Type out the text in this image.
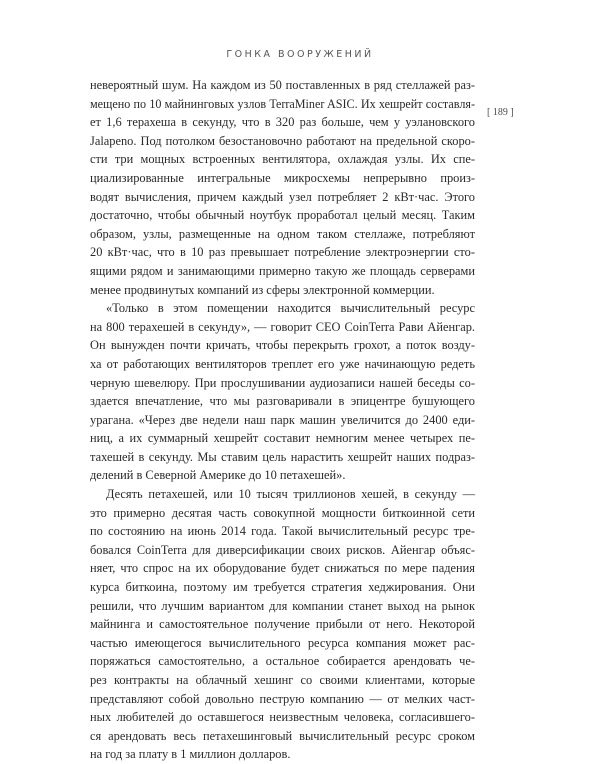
ГОНКА ВООРУЖЕНИЙ
[ 189 ]

невероятный шум. На каждом из 50 поставленных в ряд стеллажей раз-
мещено по 10 майнинговых узлов TerraMiner ASIC. Их хешрейт составля-
ет 1,6 терахеша в секунду, что в 320 раз больше, чем у уэлановского
Jalapeno. Под потолком безостановочно работают на предельной скоро-
сти три мощных встроенных вентилятора, охлаждая узлы. Их спе-
циализированные интегральные микросхемы непрерывно произ-
водят вычисления, причем каждый узел потребляет 2 кВт·час. Этого
достаточно, чтобы обычный ноутбук проработал целый месяц. Таким
образом, узлы, размещенные на одном таком стеллаже, потребляют
20 кВт·час, что в 10 раз превышает потребление электроэнергии сто-
ящими рядом и занимающими примерно такую же площадь серверами
менее продвинутых компаний из сферы электронной коммерции.

«Только в этом помещении находится вычислительный ресурс
на 800 терахешей в секунду», — говорит CEO CoinTerra Рави Айенгар.
Он вынужден почти кричать, чтобы перекрыть грохот, а поток возду-
ха от работающих вентиляторов треплет его уже начинающую редеть
черную шевелюру. При прослушивании аудиозаписи нашей беседы со-
здается впечатление, что мы разговаривали в эпицентре бушующего
урагана. «Через две недели наш парк машин увеличится до 2400 еди-
ниц, а их суммарный хешрейт составит немногим менее четырех пе-
тахешей в секунду. Мы ставим цель нарастить хешрейт наших подраз-
делений в Северной Америке до 10 петахешей».

Десять петахешей, или 10 тысяч триллионов хешей, в секунду —
это примерно десятая часть совокупной мощности биткоинной сети
по состоянию на июнь 2014 года. Такой вычислительный ресурс тре-
бовался CoinTerra для диверсификации своих рисков. Айенгар объяс-
няет, что спрос на их оборудование будет снижаться по мере падения
курса биткоина, поэтому им требуется стратегия хеджирования. Они
решили, что лучшим вариантом для компании станет выход на рынок
майнинга и самостоятельное получение прибыли от него. Некоторой
частью имеющегося вычислительного ресурса компания может рас-
поряжаться самостоятельно, а остальное собирается арендовать че-
рез контракты на облачный хешинг со своими клиентами, которые
представляют собой довольно пеструю компанию — от мелких част-
ных любителей до оставшегося неизвестным человека, согласившего-
ся арендовать весь петахешинговый вычислительный ресурс сроком
на год за плату в 1 миллион долларов.
